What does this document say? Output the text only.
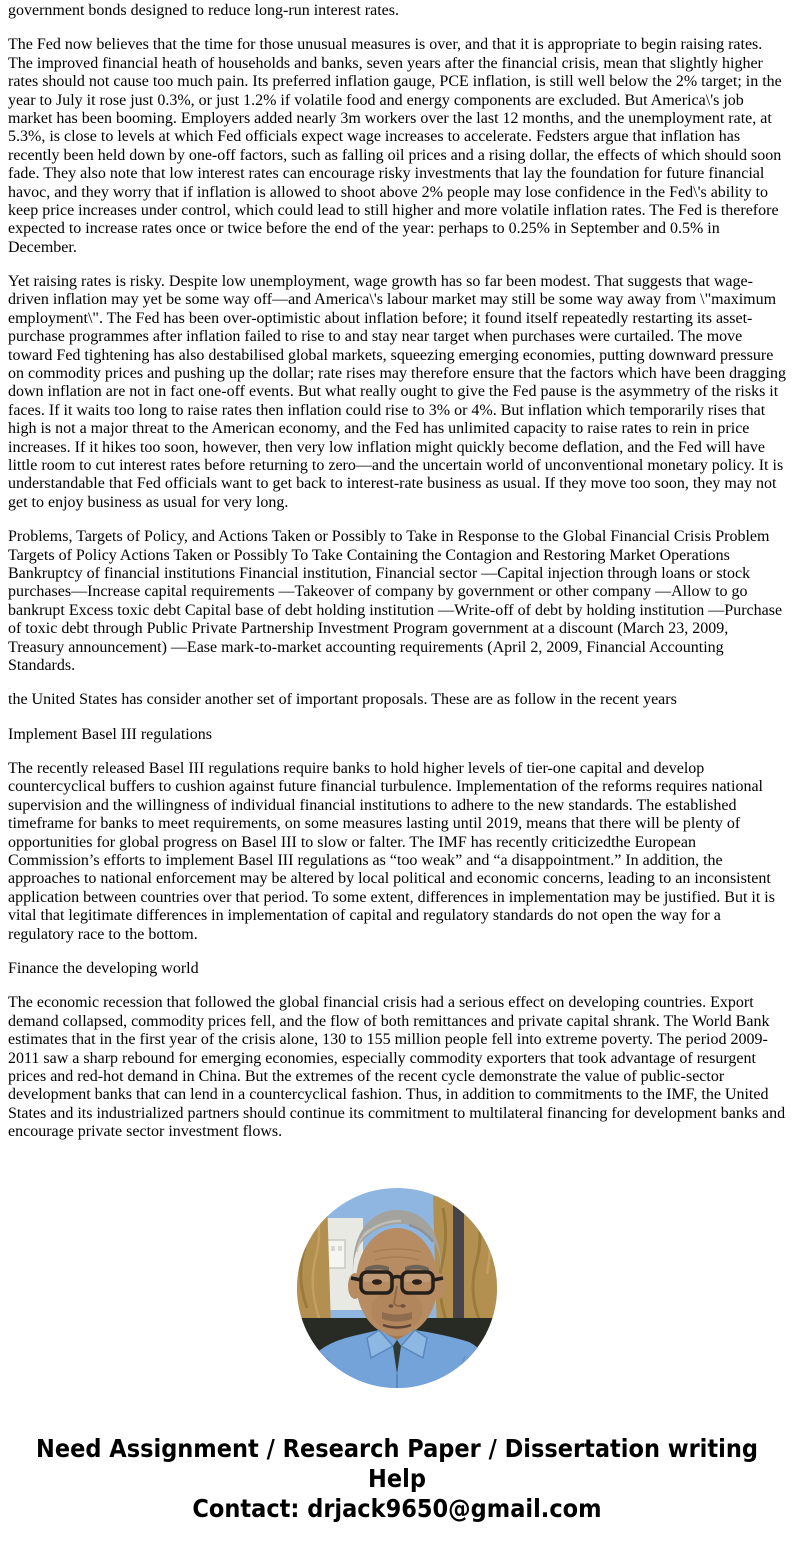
government bonds designed to reduce long-run interest rates.

The Fed now believes that the time for those unusual measures is over, and that it is appropriate to begin raising rates. The improved financial heath of households and banks, seven years after the financial crisis, mean that slightly higher rates should not cause too much pain. Its preferred inflation gauge, PCE inflation, is still well below the 2% target; in the year to July it rose just 0.3%, or just 1.2% if volatile food and energy components are excluded. But America\'s job market has been booming. Employers added nearly 3m workers over the last 12 months, and the unemployment rate, at 5.3%, is close to levels at which Fed officials expect wage increases to accelerate. Fedsters argue that inflation has recently been held down by one-off factors, such as falling oil prices and a rising dollar, the effects of which should soon fade. They also note that low interest rates can encourage risky investments that lay the foundation for future financial havoc, and they worry that if inflation is allowed to shoot above 2% people may lose confidence in the Fed\'s ability to keep price increases under control, which could lead to still higher and more volatile inflation rates. The Fed is therefore expected to increase rates once or twice before the end of the year: perhaps to 0.25% in September and 0.5% in December.

Yet raising rates is risky. Despite low unemployment, wage growth has so far been modest. That suggests that wage-driven inflation may yet be some way off—and America\'s labour market may still be some way away from \"maximum employment\". The Fed has been over-optimistic about inflation before; it found itself repeatedly restarting its asset-purchase programmes after inflation failed to rise to and stay near target when purchases were curtailed. The move toward Fed tightening has also destabilised global markets, squeezing emerging economies, putting downward pressure on commodity prices and pushing up the dollar; rate rises may therefore ensure that the factors which have been dragging down inflation are not in fact one-off events. But what really ought to give the Fed pause is the asymmetry of the risks it faces. If it waits too long to raise rates then inflation could rise to 3% or 4%. But inflation which temporarily rises that high is not a major threat to the American economy, and the Fed has unlimited capacity to raise rates to rein in price increases. If it hikes too soon, however, then very low inflation might quickly become deflation, and the Fed will have little room to cut interest rates before returning to zero—and the uncertain world of unconventional monetary policy. It is understandable that Fed officials want to get back to interest-rate business as usual. If they move too soon, they may not get to enjoy business as usual for very long.

Problems, Targets of Policy, and Actions Taken or Possibly to Take in Response to the Global Financial Crisis Problem Targets of Policy Actions Taken or Possibly To Take Containing the Contagion and Restoring Market Operations Bankruptcy of financial institutions Financial institution, Financial sector —Capital injection through loans or stock purchases—Increase capital requirements —Takeover of company by government or other company —Allow to go bankrupt Excess toxic debt Capital base of debt holding institution —Write-off of debt by holding institution —Purchase of toxic debt through Public Private Partnership Investment Program government at a discount (March 23, 2009, Treasury announcement) —Ease mark-to-market accounting requirements (April 2, 2009, Financial Accounting Standards.

the United States has consider another set of important proposals. These are as follow in the recent years

Implement Basel III regulations

The recently released Basel III regulations require banks to hold higher levels of tier-one capital and develop countercyclical buffers to cushion against future financial turbulence. Implementation of the reforms requires national supervision and the willingness of individual financial institutions to adhere to the new standards. The established timeframe for banks to meet requirements, on some measures lasting until 2019, means that there will be plenty of opportunities for global progress on Basel III to slow or falter. The IMF has recently criticizedthe European Commission’s efforts to implement Basel III regulations as “too weak” and “a disappointment.” In addition, the approaches to national enforcement may be altered by local political and economic concerns, leading to an inconsistent application between countries over that period. To some extent, differences in implementation may be justified. But it is vital that legitimate differences in implementation of capital and regulatory standards do not open the way for a regulatory race to the bottom.

Finance the developing world

The economic recession that followed the global financial crisis had a serious effect on developing countries. Export demand collapsed, commodity prices fell, and the flow of both remittances and private capital shrank. The World Bank estimates that in the first year of the crisis alone, 130 to 155 million people fell into extreme poverty. The period 2009-2011 saw a sharp rebound for emerging economies, especially commodity exporters that took advantage of resurgent prices and red-hot demand in China. But the extremes of the recent cycle demonstrate the value of public-sector development banks that can lend in a countercyclical fashion. Thus, in addition to commitments to the IMF, the United States and its industrialized partners should continue its commitment to multilateral financing for development banks and encourage private sector investment flows.

Need Assignment / Research Paper / Dissertation writing Help
Contact: drjack9650@gmail.com
